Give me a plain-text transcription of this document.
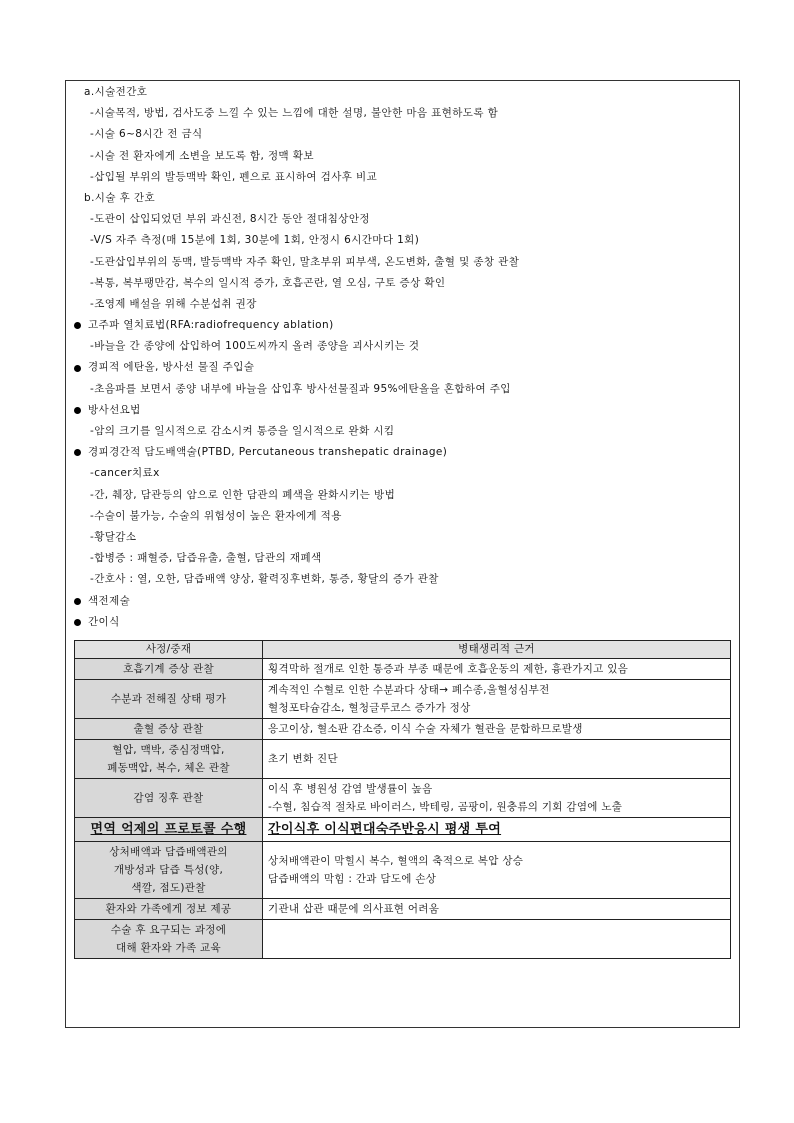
a.시술전간호
-시술목적, 방법, 검사도중 느낄 수 있는 느낌에 대한 설명, 불안한 마음 표현하도록 함
-시술 6~8시간 전 금식
-시술 전 환자에게 소변을 보도록 함, 정맥 확보
-삽입될 부위의 발등맥박 확인, 펜으로 표시하여 검사후 비교
b.시술 후 간호
-도관이 삽입되었던 부위 과신전, 8시간 동안 절대침상안정
-V/S 자주 측정(매 15분에 1회, 30분에 1회, 안정시 6시간마다 1회)
-도관삽입부위의 동맥, 발등맥박 자주 확인, 말초부위 피부색, 온도변화, 출혈 및 종창 관찰
-복통, 복부팽만감, 복수의 일시적 증가, 호흡곤란, 열 오심, 구토 증상 확인
-조영제 배설을 위해 수분섭취 권장
고주파 열치료법(RFA:radiofrequency ablation)
-바늘을 간 종양에 삽입하여 100도씨까지 올려 종양을 괴사시키는 것
경피적 에탄올, 방사선 물질 주입술
-초음파를 보면서 종양 내부에 바늘을 삽입후 방사선물질과 95%에탄올을 혼합하여 주입
방사선요법
-암의 크기를 일시적으로 감소시켜 통증을 일시적으로 완화 시킴
경피경간적 담도배액술(PTBD, Percutaneous transhepatic drainage)
-cancer치료x
-간, 췌장, 담관등의 암으로 인한 담관의 폐색을 완화시키는 방법
-수술이 불가능, 수술의 위험성이 높은 환자에게 적용
-황달감소
-합병증 : 패혈증, 담즙유출, 출혈, 담관의 재폐색
-간호사 : 열, 오한, 담즙배액 양상, 활력징후변화, 통증, 황달의 증가 관찰
색전제술
간이식
사정/중재	병태생리적 근거

호흡기계 증상 관찰	횡격막하 절개로 인한 통증과 부종 때문에 호흡운동의 제한, 흉관가지고 있음

수분과 전해질 상태 평가	계속적인 수혈로 인한 수분과다 상태→ 폐수종,울혈성심부전
혈청포타슘감소, 혈청글루코스 증가가 정상

출혈 증상 관찰	응고이상, 혈소판 감소증, 이식 수술 자체가 혈관을 문합하므로발생

혈압, 맥박, 중심정맥압,
폐동맥압, 복수, 체온 관찰	초기 변화 진단

감염 징후 관찰	이식 후 병원성 감염 발생률이 높음
-수혈, 침습적 절차로 바이러스, 박테링, 곰팡이, 원충류의 기회 감염에 노출

면역 억제의 프로토콜 수행	간이식후 이식편대숙주반응시 평생 투여

상처배액과 담즙배액관의
개방성과 담즙 특성(양,
색깔, 점도)관찰	상처배액관이 막힐시 복수, 혈액의 축적으로 복압 상승
담즙배액의 막힘 : 간과 담도에 손상

환자와 가족에게 정보 제공	기관내 삽관 때문에 의사표현 어려움

수술 후 요구되는 과정에
대해 환자와 가족 교육	
